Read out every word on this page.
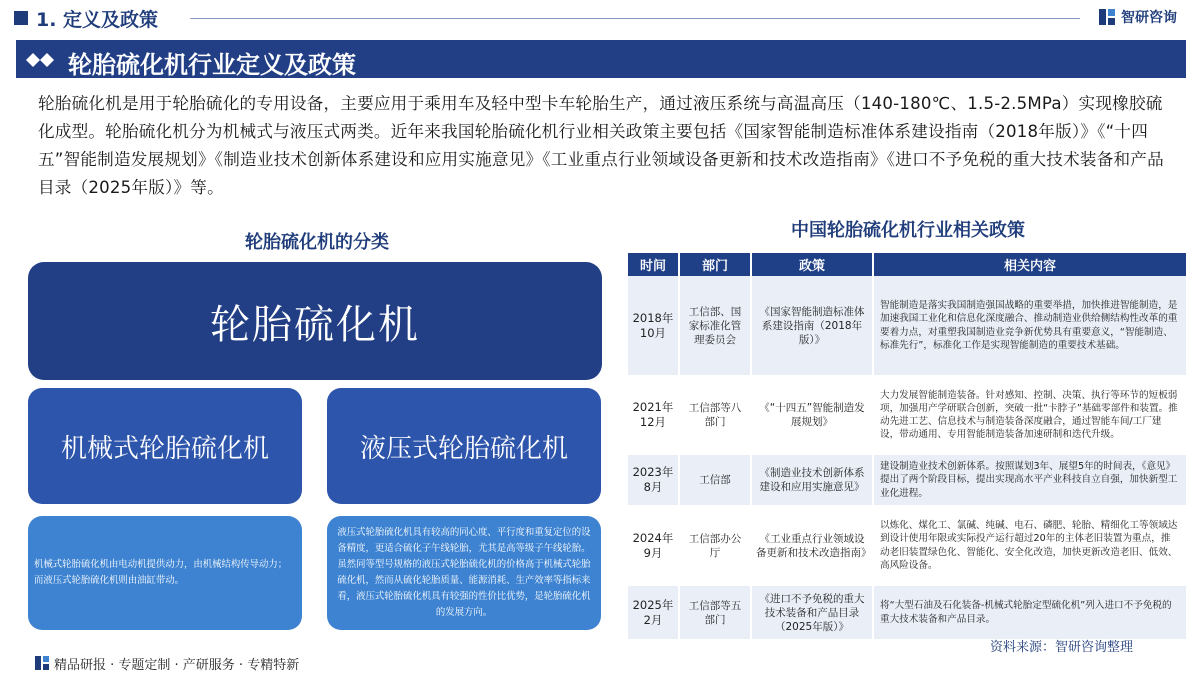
1. 定义及政策	智研咨询
轮胎硫化机行业定义及政策

轮胎硫化机是用于轮胎硫化的专用设备，主要应用于乘用车及轻中型卡车轮胎生产，通过液压系统与高温高压（140-180℃、1.5-2.5MPa）实现橡胶硫化成型。轮胎硫化机分为机械式与液压式两类。近年来我国轮胎硫化机行业相关政策主要包括《国家智能制造标准体系建设指南（2018年版）》《“十四五”智能制造发展规划》《制造业技术创新体系建设和应用实施意见》《工业重点行业领域设备更新和技术改造指南》《进口不予免税的重大技术装备和产品目录（2025年版）》等。

轮胎硫化机的分类
轮胎硫化机
机械式轮胎硫化机	液压式轮胎硫化机

机械式轮胎硫化机由电动机提供动力，由机械结构传导动力；而液压式轮胎硫化机则由油缸带动。

液压式轮胎硫化机具有较高的同心度、平行度和重复定位的设备精度，更适合硫化子午线轮胎，尤其是高等级子午线轮胎。虽然同等型号规格的液压式轮胎硫化机的价格高于机械式轮胎硫化机，然而从硫化轮胎质量、能源消耗、生产效率等指标来看，液压式轮胎硫化机具有较强的性价比优势，是轮胎硫化机的发展方向。

中国轮胎硫化机行业相关政策
时间	部门	政策	相关内容
2018年10月	工信部、国家标准化管理委员会	《国家智能制造标准体系建设指南（2018年版）》	智能制造是落实我国制造强国战略的重要举措，加快推进智能制造，是加速我国工业化和信息化深度融合、推动制造业供给侧结构性改革的重要着力点，对重塑我国制造业竞争新优势具有重要意义，“智能制造、标准先行”，标准化工作是实现智能制造的重要技术基础。
2021年12月	工信部等八部门	《“十四五”智能制造发展规划》	大力发展智能制造装备。针对感知、控制、决策、执行等环节的短板弱项，加强用产学研联合创新，突破一批“卡脖子”基础零部件和装置。推动先进工艺、信息技术与制造装备深度融合，通过智能车间/工厂建设，带动通用、专用智能制造装备加速研制和迭代升级。
2023年8月	工信部	《制造业技术创新体系建设和应用实施意见》	建设制造业技术创新体系。按照谋划3年、展望5年的时间表，《意见》提出了两个阶段目标，提出实现高水平产业科技自立自强，加快新型工业化进程。
2024年9月	工信部办公厅	《工业重点行业领域设备更新和技术改造指南》	以炼化、煤化工、氯碱、纯碱、电石、磷肥、轮胎、精细化工等领域达到设计使用年限或实际投产运行超过20年的主体老旧装置为重点，推动老旧装置绿色化、智能化、安全化改造，加快更新改造老旧、低效、高风险设备。
2025年2月	工信部等五部门	《进口不予免税的重大技术装备和产品目录（2025年版）》	将“大型石油及石化装备-机械式轮胎定型硫化机”列入进口不予免税的重大技术装备和产品目录。
资料来源：智研咨询整理
精品研报 · 专题定制 · 产研服务 · 专精特新
